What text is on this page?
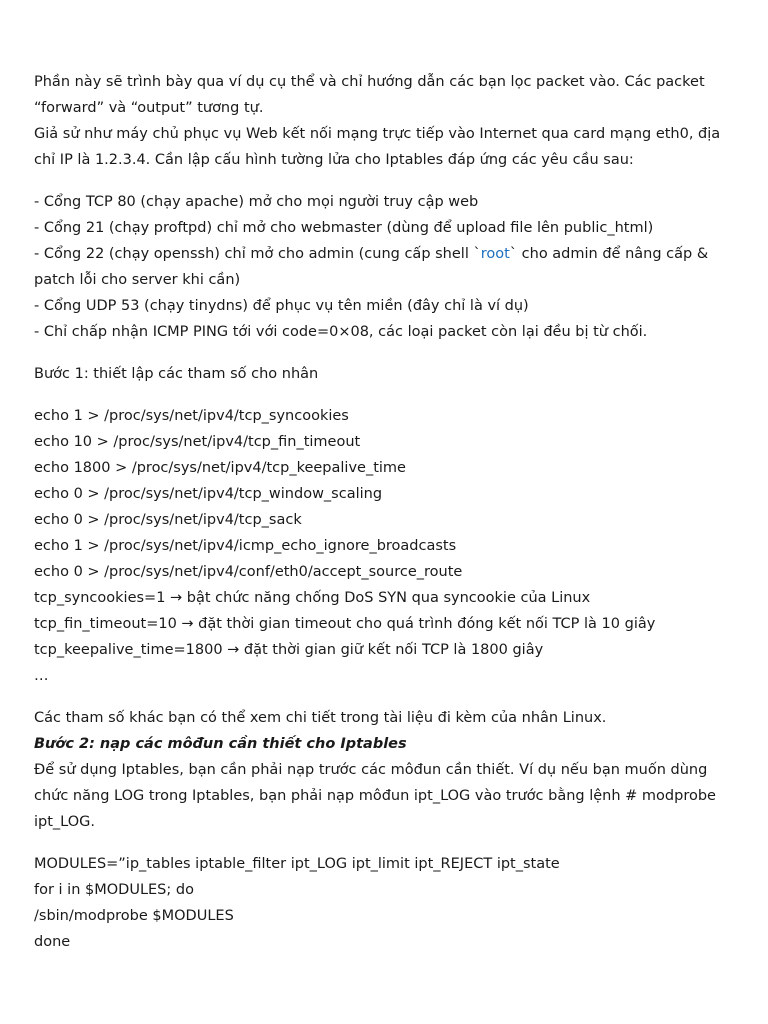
Phần này sẽ trình bày qua ví dụ cụ thể và chỉ hướng dẫn các bạn lọc packet vào. Các packet
“forward” và “output” tương tự.
Giả sử như máy chủ phục vụ Web kết nối mạng trực tiếp vào Internet qua card mạng eth0, địa
chỉ IP là 1.2.3.4. Cần lập cấu hình tường lửa cho Iptables đáp ứng các yêu cầu sau:
- Cổng TCP 80 (chạy apache) mở cho mọi người truy cập web
- Cổng 21 (chạy proftpd) chỉ mở cho webmaster (dùng để upload file lên public_html)
- Cổng 22 (chạy openssh) chỉ mở cho admin (cung cấp shell `root` cho admin để nâng cấp &
patch lỗi cho server khi cần)
- Cổng UDP 53 (chạy tinydns) để phục vụ tên miền (đây chỉ là ví dụ)
- Chỉ chấp nhận ICMP PING tới với code=0×08, các loại packet còn lại đều bị từ chối.
Bước 1: thiết lập các tham số cho nhân
echo 1 > /proc/sys/net/ipv4/tcp_syncookies
echo 10 > /proc/sys/net/ipv4/tcp_fin_timeout
echo 1800 > /proc/sys/net/ipv4/tcp_keepalive_time
echo 0 > /proc/sys/net/ipv4/tcp_window_scaling
echo 0 > /proc/sys/net/ipv4/tcp_sack
echo 1 > /proc/sys/net/ipv4/icmp_echo_ignore_broadcasts
echo 0 > /proc/sys/net/ipv4/conf/eth0/accept_source_route
tcp_syncookies=1 → bật chức năng chống DoS SYN qua syncookie của Linux
tcp_fin_timeout=10 → đặt thời gian timeout cho quá trình đóng kết nối TCP là 10 giây
tcp_keepalive_time=1800 → đặt thời gian giữ kết nối TCP là 1800 giây
…
Các tham số khác bạn có thể xem chi tiết trong tài liệu đi kèm của nhân Linux.
Bước 2: nạp các môđun cần thiết cho Iptables
Để sử dụng Iptables, bạn cần phải nạp trước các môđun cần thiết. Ví dụ nếu bạn muốn dùng
chức năng LOG trong Iptables, bạn phải nạp môđun ipt_LOG vào trước bằng lệnh # modprobe
ipt_LOG.
MODULES=”ip_tables iptable_filter ipt_LOG ipt_limit ipt_REJECT ipt_state
for i in $MODULES; do
/sbin/modprobe $MODULES
done
